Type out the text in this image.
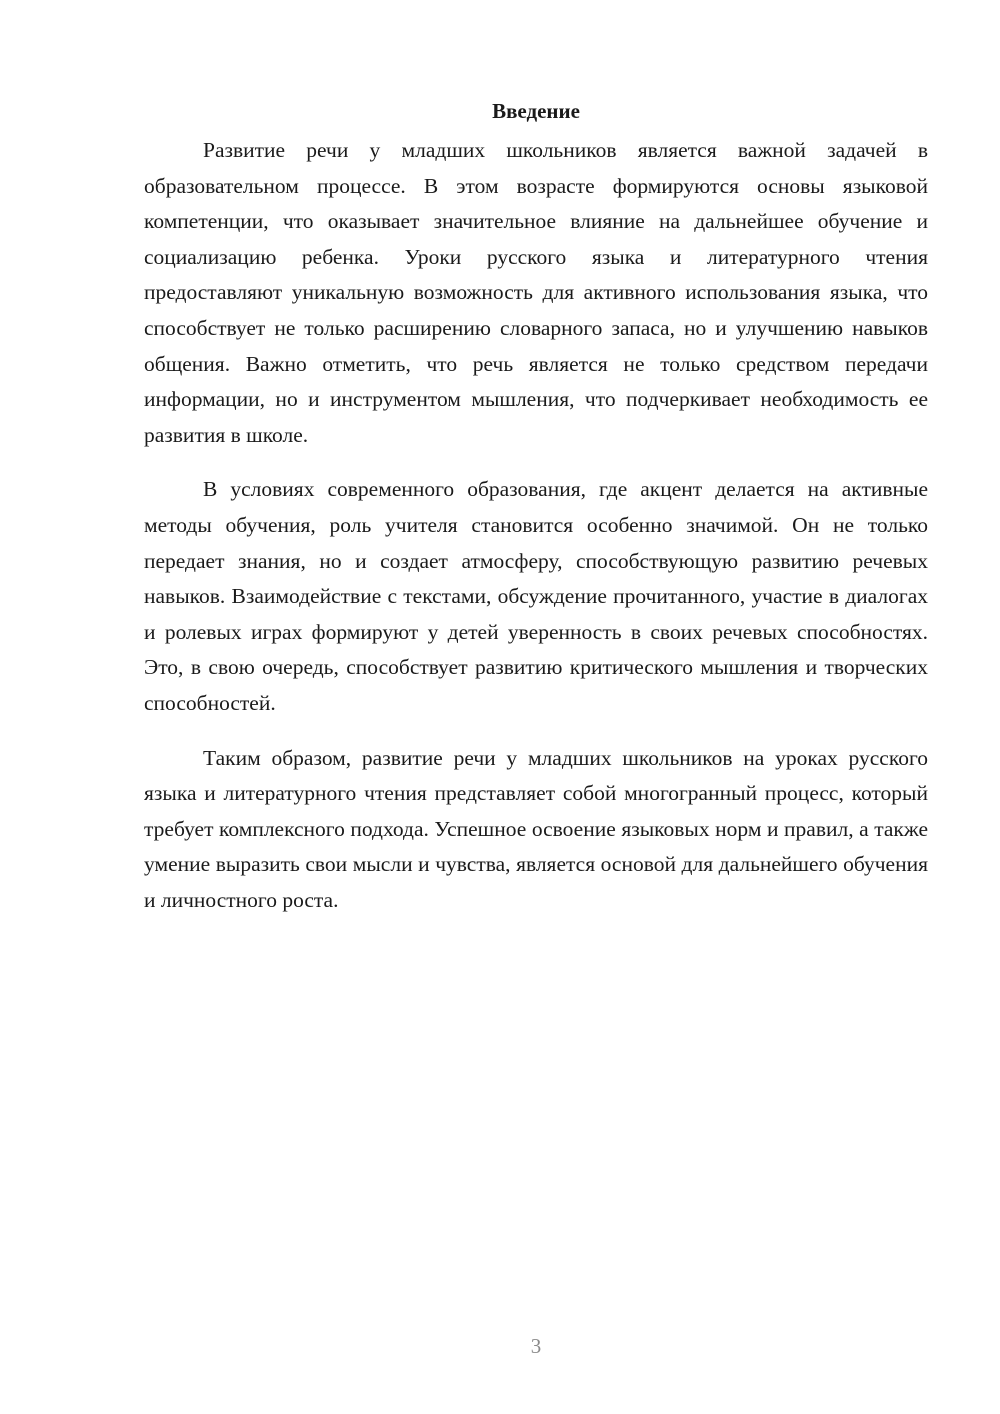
Введение

Развитие речи у младших школьников является важной задачей в образовательном процессе. В этом возрасте формируются основы языковой компетенции, что оказывает значительное влияние на дальнейшее обучение и социализацию ребенка. Уроки русского языка и литературного чтения предоставляют уникальную возможность для активного использования языка, что способствует не только расширению словарного запаса, но и улучшению навыков общения. Важно отметить, что речь является не только средством передачи информации, но и инструментом мышления, что подчеркивает необходимость ее развития в школе.

В условиях современного образования, где акцент делается на активные методы обучения, роль учителя становится особенно значимой. Он не только передает знания, но и создает атмосферу, способствующую развитию речевых навыков. Взаимодействие с текстами, обсуждение прочитанного, участие в диалогах и ролевых играх формируют у детей уверенность в своих речевых способностях. Это, в свою очередь, способствует развитию критического мышления и творческих способностей.

Таким образом, развитие речи у младших школьников на уроках русского языка и литературного чтения представляет собой многогранный процесс, который требует комплексного подхода. Успешное освоение языковых норм и правил, а также умение выразить свои мысли и чувства, является основой для дальнейшего обучения и личностного роста.

3
